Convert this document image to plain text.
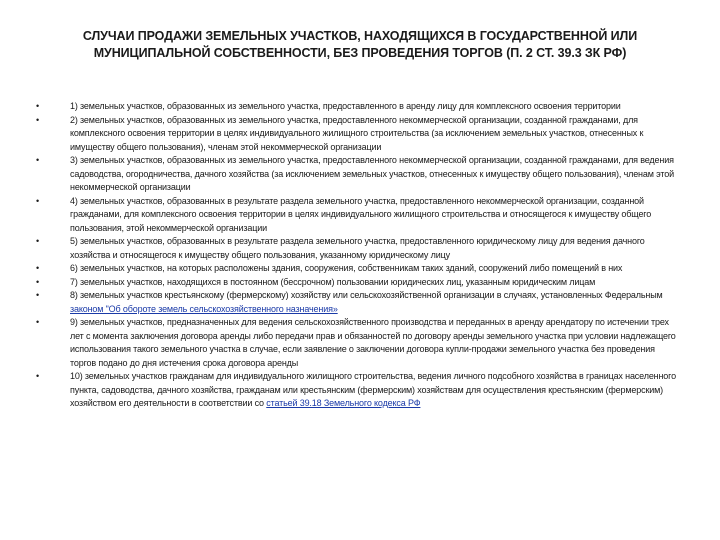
СЛУЧАИ ПРОДАЖИ ЗЕМЕЛЬНЫХ УЧАСТКОВ, НАХОДЯЩИХСЯ В ГОСУДАРСТВЕННОЙ ИЛИ МУНИЦИПАЛЬНОЙ СОБСТВЕННОСТИ, БЕЗ ПРОВЕДЕНИЯ ТОРГОВ (П. 2 СТ. 39.3 ЗК РФ)
•	1) земельных участков, образованных из земельного участка, предоставленного в аренду лицу для комплексного освоения территории
•	2) земельных участков, образованных из земельного участка, предоставленного некоммерческой организации, созданной гражданами, для комплексного освоения территории в целях индивидуального жилищного строительства (за исключением земельных участков, отнесенных к имуществу общего пользования), членам этой некоммерческой организации
•	3) земельных участков, образованных из земельного участка, предоставленного некоммерческой организации, созданной гражданами, для ведения садоводства, огородничества, дачного хозяйства (за исключением земельных участков, отнесенных к имуществу общего пользования), членам этой некоммерческой организации
•	4) земельных участков, образованных в результате раздела земельного участка, предоставленного некоммерческой организации, созданной гражданами, для комплексного освоения территории в целях индивидуального жилищного строительства и относящегося к имуществу общего пользования, этой некоммерческой организации
•	5) земельных участков, образованных в результате раздела земельного участка, предоставленного юридическому лицу для ведения дачного хозяйства и относящегося к имуществу общего пользования, указанному юридическому лицу
•	6) земельных участков, на которых расположены здания, сооружения, собственникам таких зданий, сооружений либо помещений в них
•	7) земельных участков, находящихся в постоянном (бессрочном) пользовании юридических лиц, указанным юридическим лицам
•	8) земельных участков крестьянскому (фермерскому) хозяйству или сельскохозяйственной организации в случаях, установленных Федеральным законом "Об обороте земель сельскохозяйственного назначения»
•	9) земельных участков, предназначенных для ведения сельскохозяйственного производства и переданных в аренду арендатору по истечении трех лет с момента заключения договора аренды либо передачи прав и обязанностей по договору аренды земельного участка при условии надлежащего использования такого земельного участка в случае, если заявление о заключении договора купли-продажи земельного участка без проведения торгов подано до дня истечения срока договора аренды
•	10) земельных участков гражданам для индивидуального жилищного строительства, ведения личного подсобного хозяйства в границах населенного пункта, садоводства, дачного хозяйства, гражданам или крестьянским (фермерским) хозяйствам для осуществления крестьянским (фермерским) хозяйством его деятельности в соответствии со статьей 39.18 Земельного кодекса РФ
